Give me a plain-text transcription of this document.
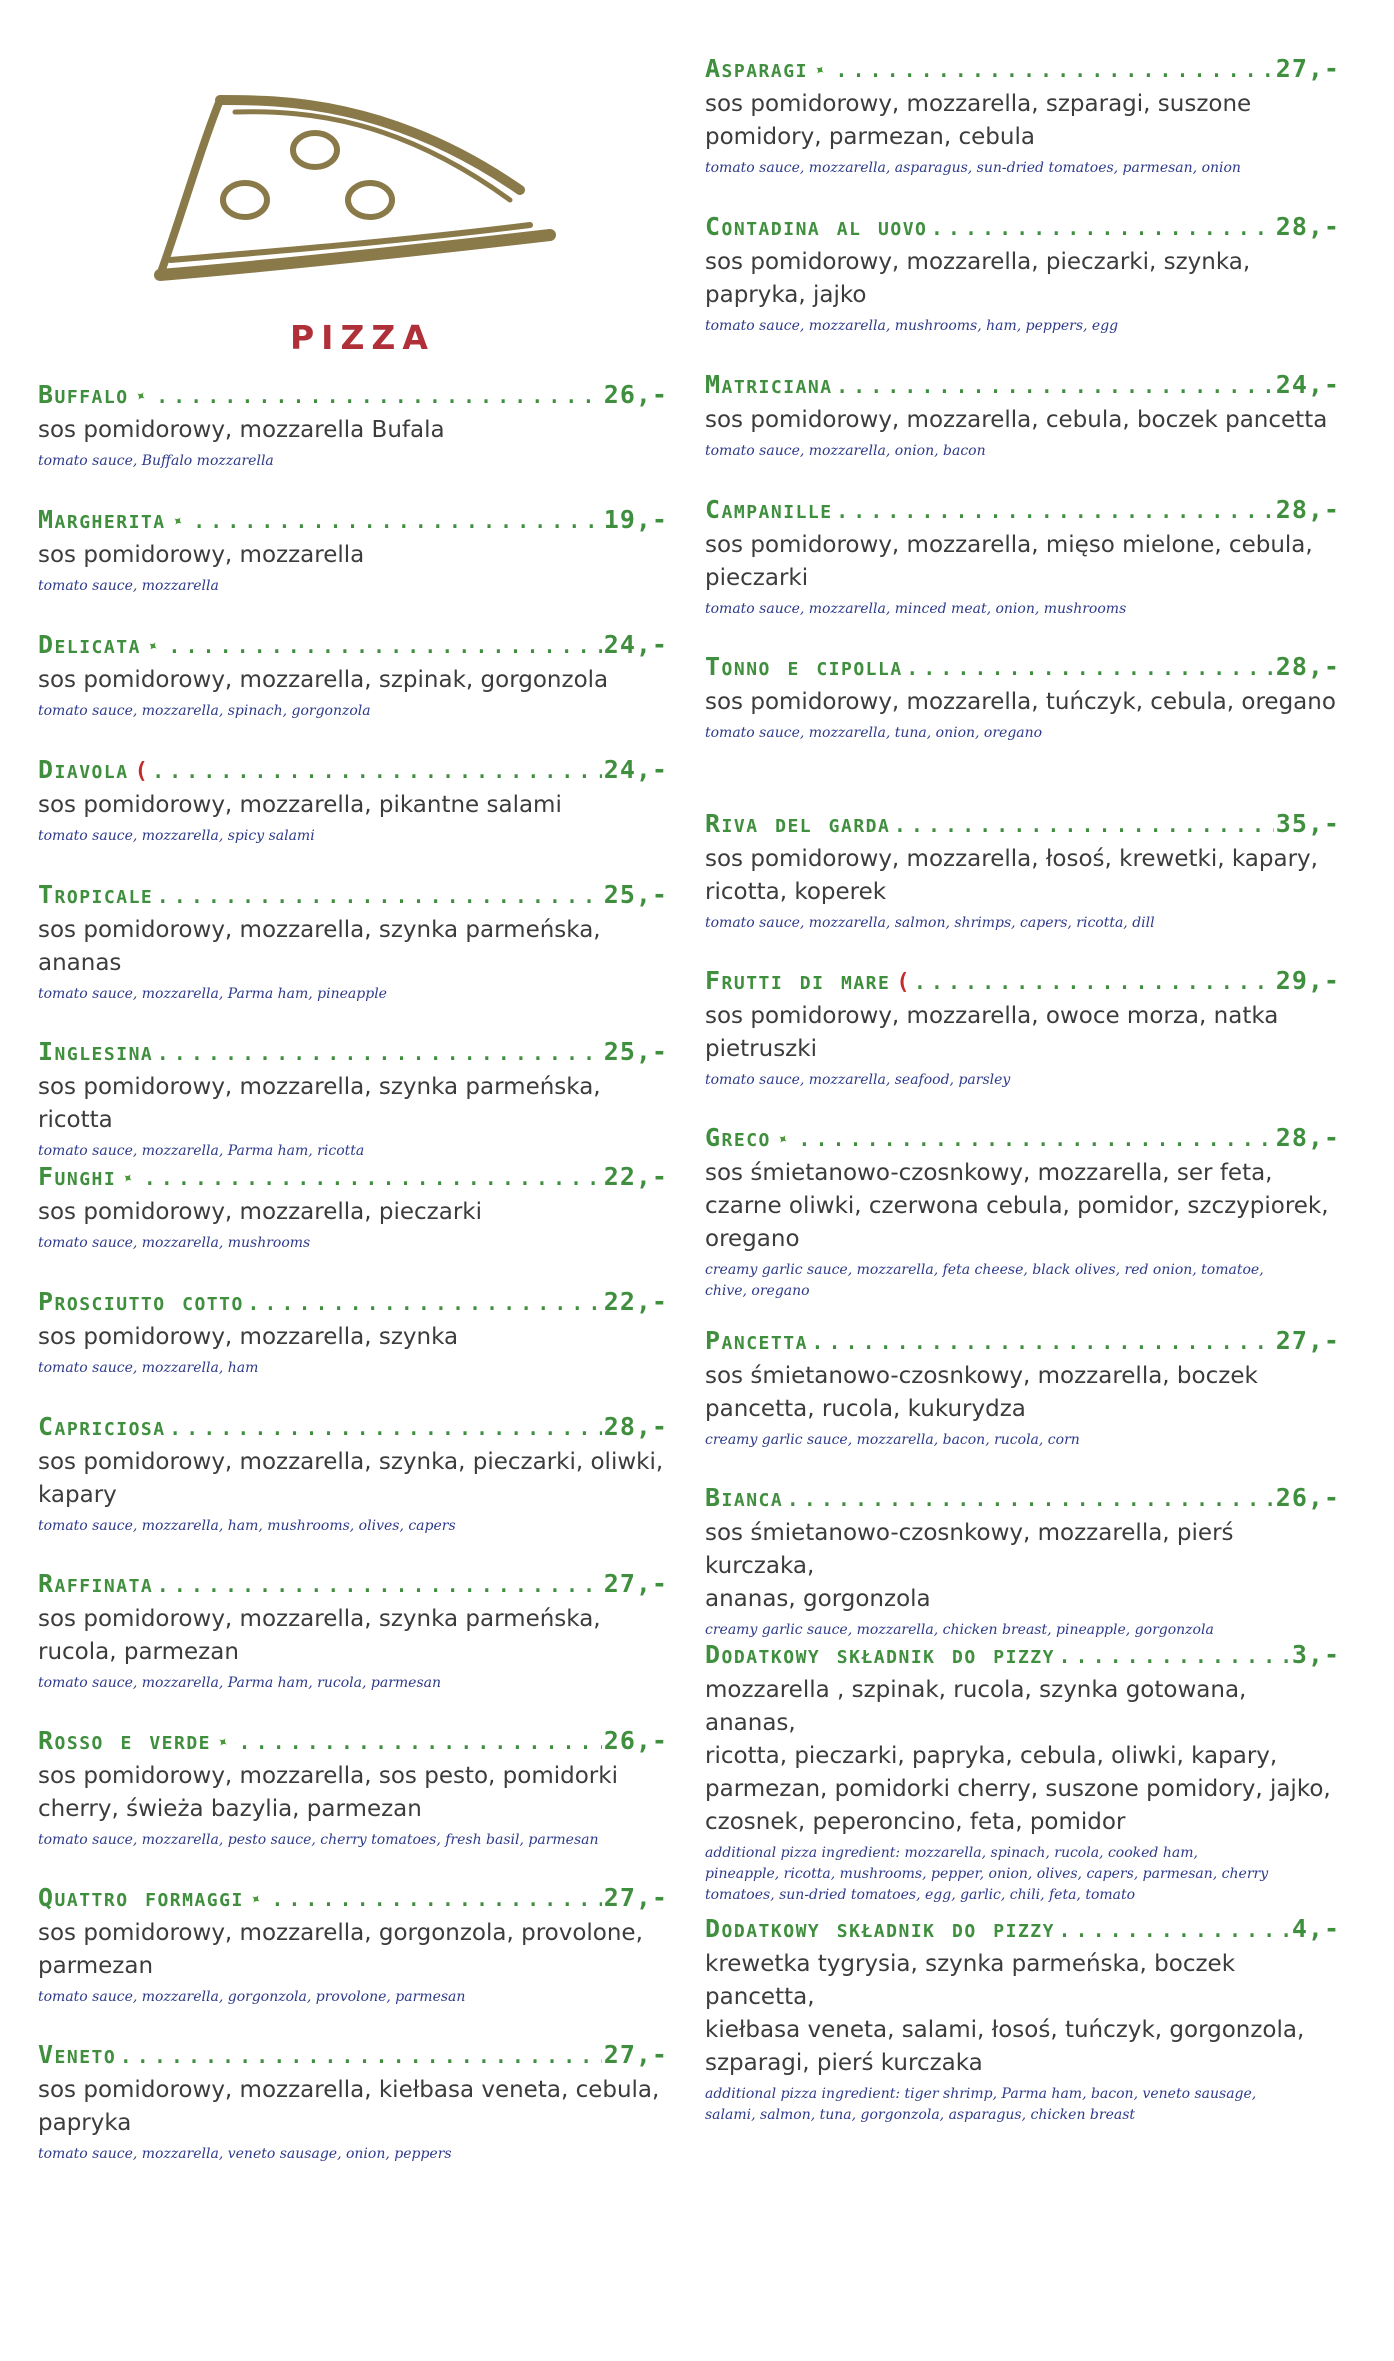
PIZZA
Buffalo ✦ .....	26,-
sos pomidorowy, mozzarella Bufala
tomato sauce, Buffalo mozzarella
Margherita ✦ .....	19,-
sos pomidorowy, mozzarella
tomato sauce, mozzarella
Delicata ✦ .....	24,-
sos pomidorowy, mozzarella, szpinak, gorgonzola
tomato sauce, mozzarella, spinach, gorgonzola
Diavola ( .....	24,-
sos pomidorowy, mozzarella, pikantne salami
tomato sauce, mozzarella, spicy salami
Tropicale .....	25,-
sos pomidorowy, mozzarella, szynka parmeńska,
ananas
tomato sauce, mozzarella, Parma ham, pineapple
Inglesina .....	25,-
sos pomidorowy, mozzarella, szynka parmeńska, ricotta
tomato sauce, mozzarella, Parma ham, ricotta
Funghi ✦ .....	22,-
sos pomidorowy, mozzarella, pieczarki
tomato sauce, mozzarella, mushrooms
Prosciutto cotto .....	22,-
sos pomidorowy, mozzarella, szynka
tomato sauce, mozzarella, ham
Capriciosa .....	28,-
sos pomidorowy, mozzarella, szynka, pieczarki, oliwki,
kapary
tomato sauce, mozzarella, ham, mushrooms, olives, capers
Raffinata .....	27,-
sos pomidorowy, mozzarella, szynka parmeńska,
rucola, parmezan
tomato sauce, mozzarella, Parma ham, rucola, parmesan
Rosso e verde ✦ .....	26,-
sos pomidorowy, mozzarella, sos pesto, pomidorki
cherry, świeża bazylia, parmezan
tomato sauce, mozzarella, pesto sauce, cherry tomatoes, fresh basil, parmesan
Quattro formaggi ✦ .....	27,-
sos pomidorowy, mozzarella, gorgonzola, provolone,
parmezan
tomato sauce, mozzarella, gorgonzola, provolone, parmesan
Veneto .....	27,-
sos pomidorowy, mozzarella, kiełbasa veneta, cebula,
papryka
tomato sauce, mozzarella, veneto sausage, onion, peppers
Asparagi ✦ .....	27,-
sos pomidorowy, mozzarella, szparagi, suszone
pomidory, parmezan, cebula
tomato sauce, mozzarella, asparagus, sun-dried tomatoes, parmesan, onion
Contadina al uovo .....	28,-
sos pomidorowy, mozzarella, pieczarki, szynka,
papryka, jajko
tomato sauce, mozzarella, mushrooms, ham, peppers, egg
Matriciana .....	24,-
sos pomidorowy, mozzarella, cebula, boczek pancetta
tomato sauce, mozzarella, onion, bacon
Campanille .....	28,-
sos pomidorowy, mozzarella, mięso mielone, cebula,
pieczarki
tomato sauce, mozzarella, minced meat, onion, mushrooms
Tonno e cipolla .....	28,-
sos pomidorowy, mozzarella, tuńczyk, cebula, oregano
tomato sauce, mozzarella, tuna, onion, oregano
Riva del garda .....	35,-
sos pomidorowy, mozzarella, łosoś, krewetki, kapary,
ricotta, koperek
tomato sauce, mozzarella, salmon, shrimps, capers, ricotta, dill
Frutti di mare ( .....	29,-
sos pomidorowy, mozzarella, owoce morza, natka
pietruszki
tomato sauce, mozzarella, seafood, parsley
Greco ✦ .....	28,-
sos śmietanowo-czosnkowy, mozzarella, ser feta,
czarne oliwki, czerwona cebula, pomidor, szczypiorek,
oregano
creamy garlic sauce, mozzarella, feta cheese, black olives, red onion, tomatoe,
chive, oregano
Pancetta .....	27,-
sos śmietanowo-czosnkowy, mozzarella, boczek
pancetta, rucola, kukurydza
creamy garlic sauce, mozzarella, bacon, rucola, corn
Bianca .....	26,-
sos śmietanowo-czosnkowy, mozzarella, pierś kurczaka,
ananas, gorgonzola
creamy garlic sauce, mozzarella, chicken breast, pineapple, gorgonzola
Dodatkowy składnik do pizzy .....	3,-
mozzarella , szpinak, rucola, szynka gotowana, ananas,
ricotta, pieczarki, papryka, cebula, oliwki, kapary,
parmezan, pomidorki cherry, suszone pomidory, jajko,
czosnek, peperoncino, feta, pomidor
additional pizza ingredient: mozzarella, spinach, rucola, cooked ham,
pineapple, ricotta, mushrooms, pepper, onion, olives, capers, parmesan, cherry
tomatoes, sun-dried tomatoes, egg, garlic, chili, feta, tomato
Dodatkowy składnik do pizzy .....	4,-
krewetka tygrysia, szynka parmeńska, boczek pancetta,
kiełbasa veneta, salami, łosoś, tuńczyk, gorgonzola,
szparagi, pierś kurczaka
additional pizza ingredient: tiger shrimp, Parma ham, bacon, veneto sausage,
salami, salmon, tuna, gorgonzola, asparagus, chicken breast
